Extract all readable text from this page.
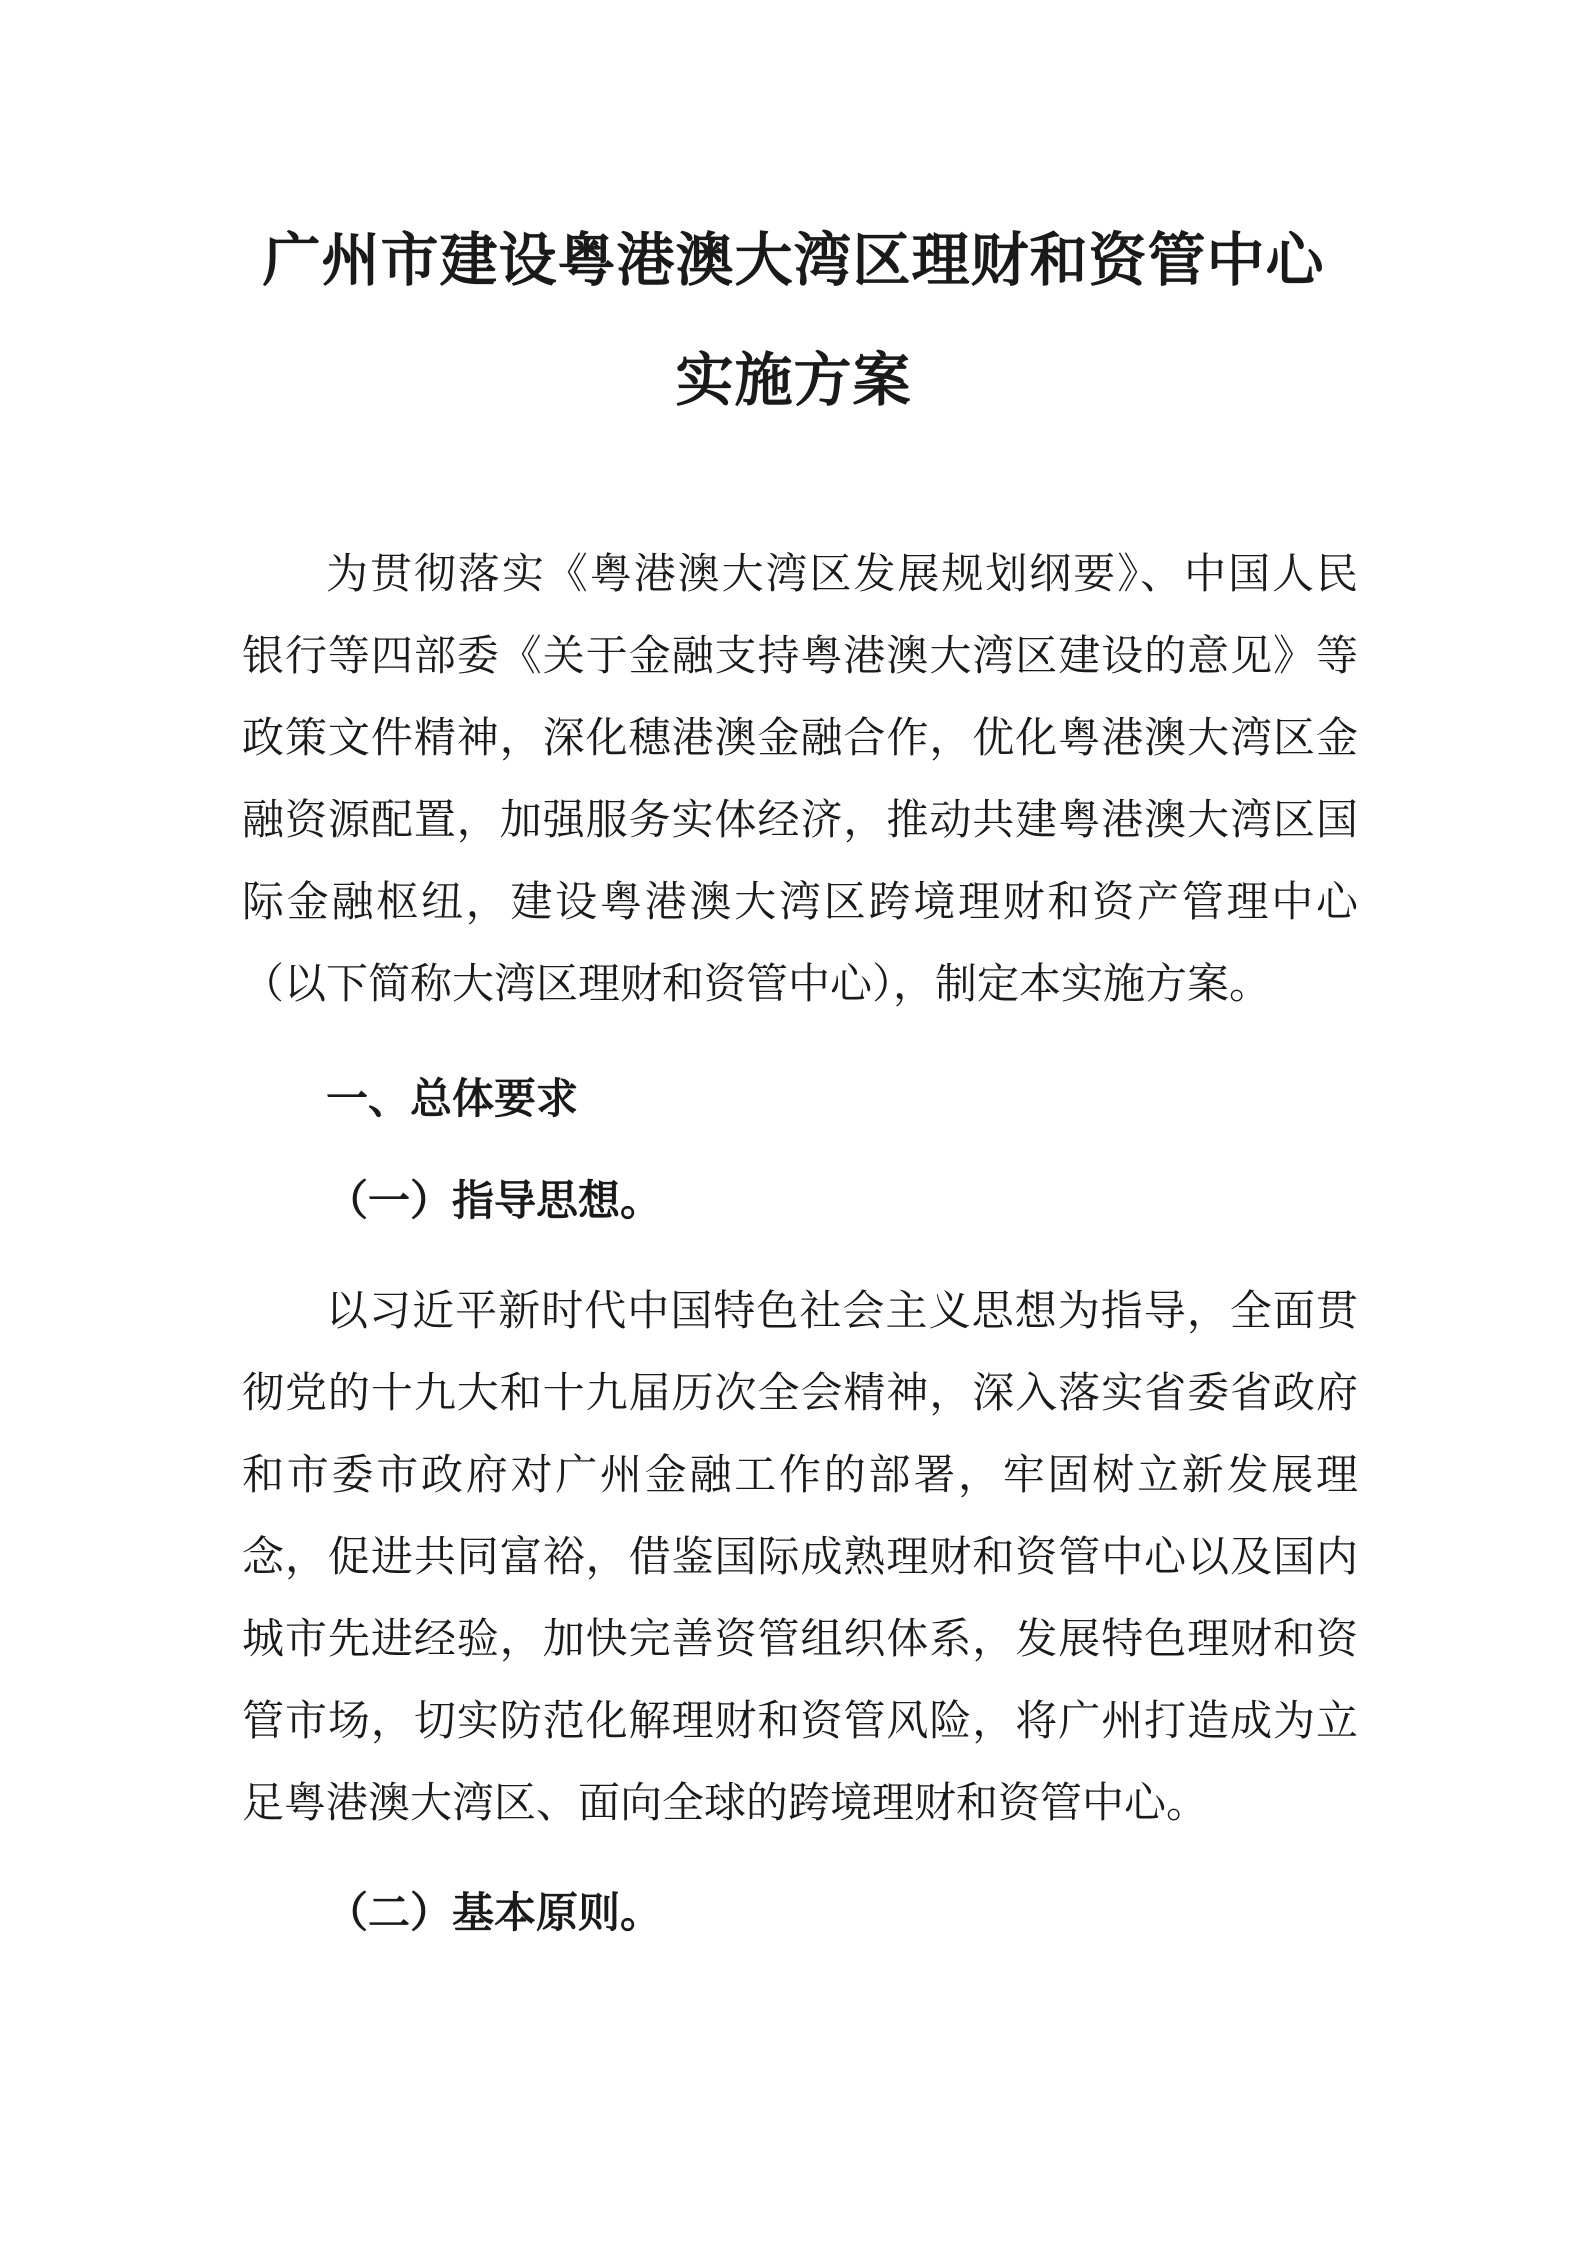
广州市建设粤港澳大湾区理财和资管中心
实施方案
为贯彻落实《粤港澳大湾区发展规划纲要》、中国人民
银行等四部委《关于金融支持粤港澳大湾区建设的意见》等
政策文件精神，深化穗港澳金融合作，优化粤港澳大湾区金
融资源配置，加强服务实体经济，推动共建粤港澳大湾区国
际金融枢纽，建设粤港澳大湾区跨境理财和资产管理中心
（以下简称大湾区理财和资管中心），制定本实施方案。
一、总体要求
（一）指导思想。
以习近平新时代中国特色社会主义思想为指导，全面贯
彻党的十九大和十九届历次全会精神，深入落实省委省政府
和市委市政府对广州金融工作的部署，牢固树立新发展理
念，促进共同富裕，借鉴国际成熟理财和资管中心以及国内
城市先进经验，加快完善资管组织体系，发展特色理财和资
管市场，切实防范化解理财和资管风险，将广州打造成为立
足粤港澳大湾区、面向全球的跨境理财和资管中心。
（二）基本原则。
